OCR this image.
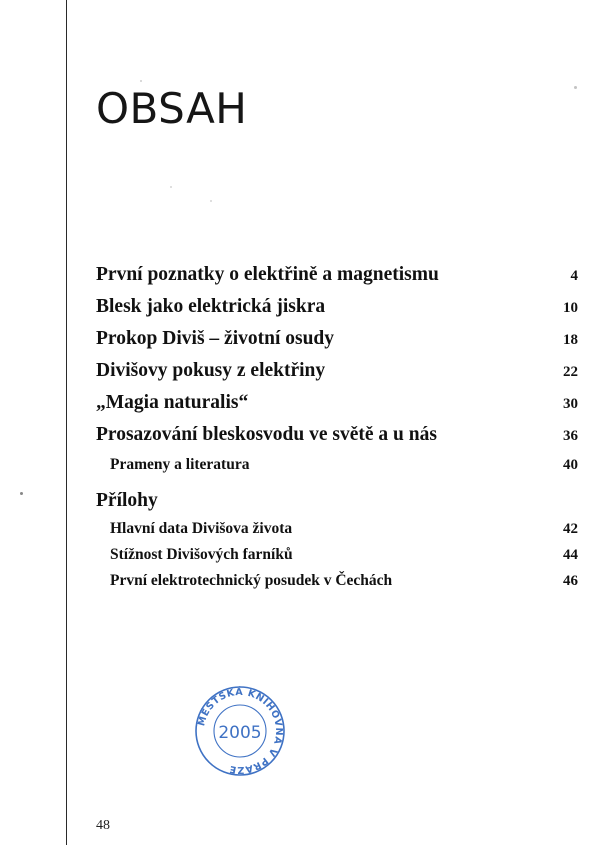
OBSAH
První poznatky o elektřině a magnetismu	4
Blesk jako elektrická jiskra	10
Prokop Diviš – životní osudy	18
Divišovy pokusy z elektřiny	22
„Magia naturalis“	30
Prosazování bleskosvodu ve světě a u nás	36
Prameny a literatura	40
Přílohy
Hlavní data Divišova života	42
Stížnost Divišových farníků	44
První elektrotechnický posudek v Čechách	46
MĚSTSKÁ KNIHOVNA V PRAZE
2005
48
